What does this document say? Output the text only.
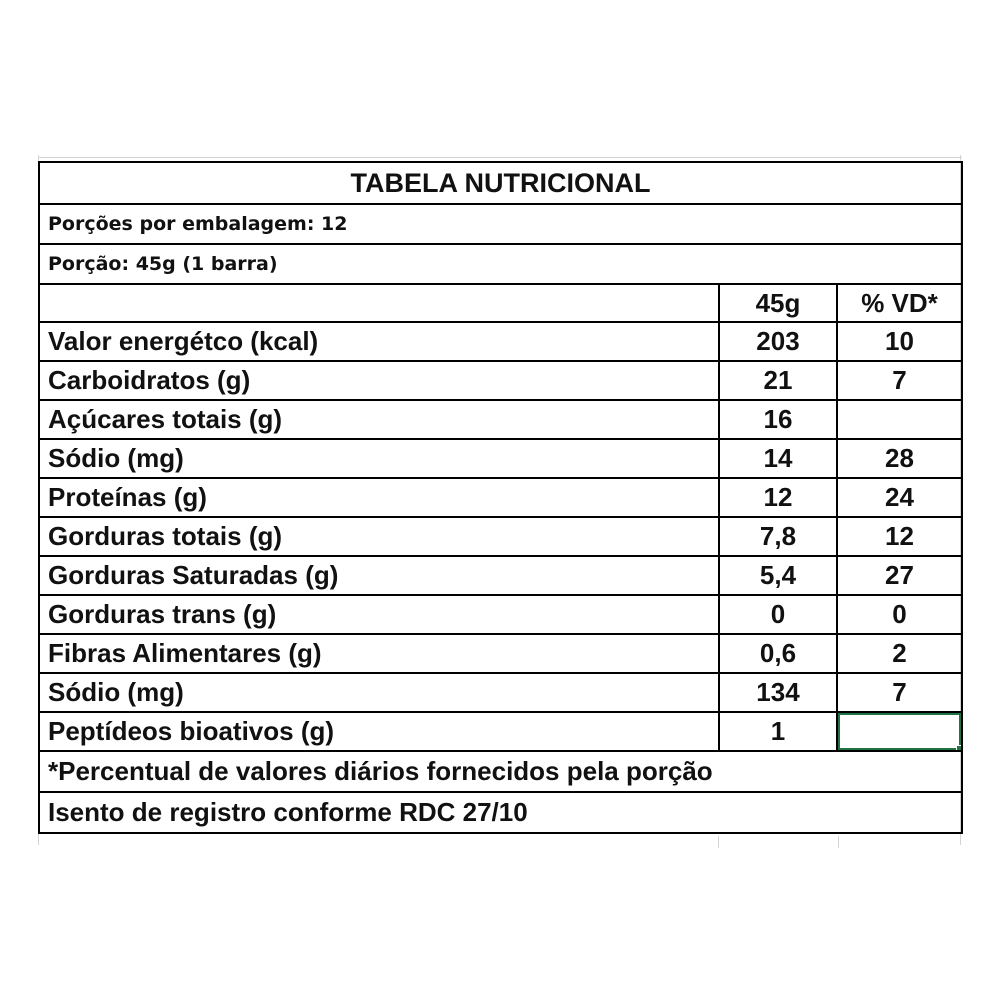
TABELA NUTRICIONAL		
Porções por embalagem: 12		
Porção: 45g (1 barra)		
	45g	% VD*
Valor energétco (kcal)	203	10
Carboidratos (g)	21	7
Açúcares totais (g)	16	
Sódio (mg)	14	28
Proteínas (g)	12	24
Gorduras totais (g)	7,8	12
Gorduras Saturadas (g)	5,4	27
Gorduras trans (g)	0	0
Fibras Alimentares (g)	0,6	2
Sódio (mg)	134	7
Peptídeos bioativos (g)	1	

*Percentual de valores diários fornecidos pela porção		
Isento de registro conforme RDC 27/10		
